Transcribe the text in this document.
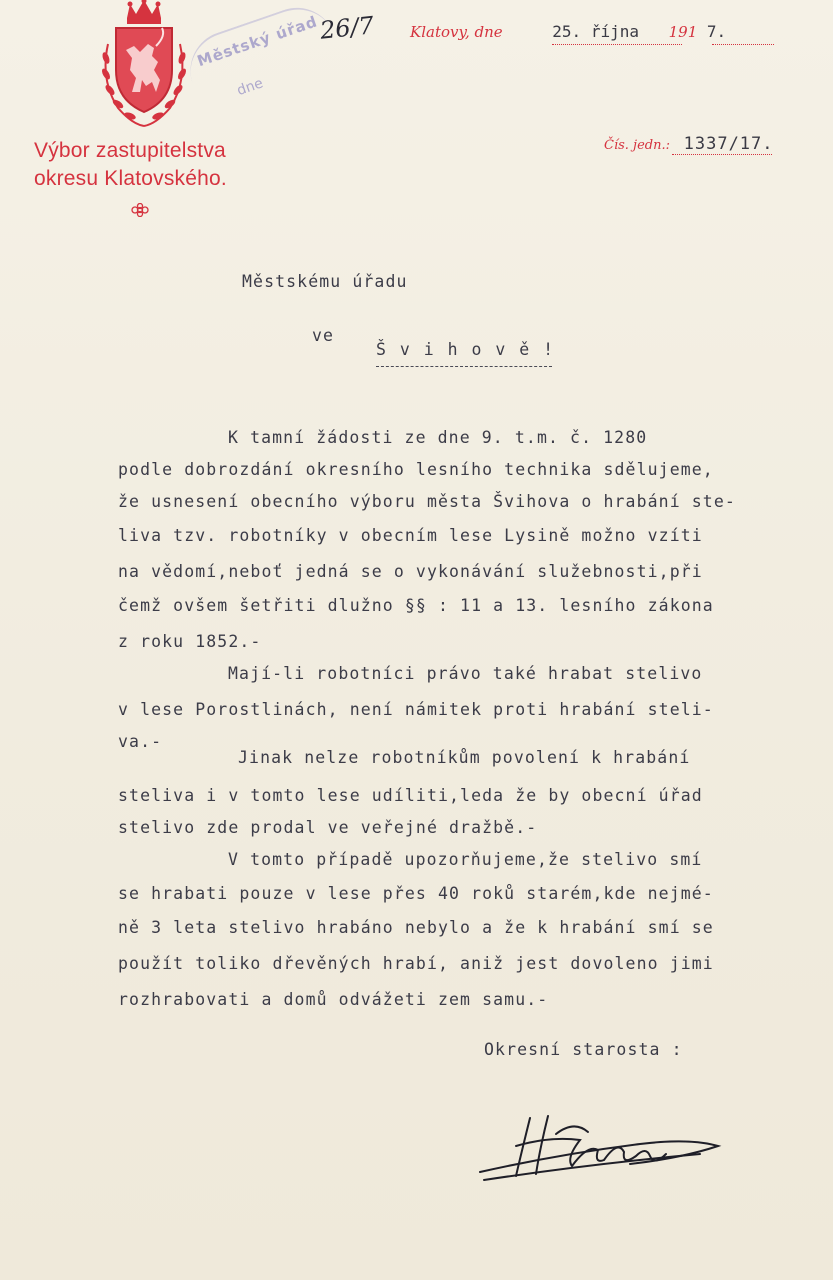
Výbor zastupitelstva
okresu Klatovského.
Městský úřad
dne
26/7 Klatovy, dne	25. října 191 7.
Čís. jedn.: 1337/17.
Městskému úřadu
ve
Š v i h o v ě !
K tamní žádosti ze dne 9. t.m. č. 1280
podle dobrozdání okresního lesního technika sdělujeme,
že usnesení obecního výboru města Švihova o hrabání ste-
liva tzv. robotníky v obecním lese Lysině možno vzíti
na vědomí,neboť jedná se o vykonávání služebnosti,při
čemž ovšem šetřiti dlužno §§ : 11 a 13. lesního zákona
z roku 1852.-
Mají-li robotníci právo také hrabat stelivo
v lese Porostlinách, není námitek proti hrabání steli-
va.-
Jinak nelze robotníkům povolení k hrabání
steliva i v tomto lese udíliti,leda že by obecní úřad
stelivo zde prodal ve veřejné dražbě.-
V tomto případě upozorňujeme,že stelivo smí
se hrabati pouze v lese přes 40 roků starém,kde nejmé-
ně 3 leta stelivo hrabáno nebylo a že k hrabání smí se
použít toliko dřevěných hrabí, aniž jest dovoleno jimi
rozhrabovati a domů odvážeti zem samu.-
Okresní starosta :
